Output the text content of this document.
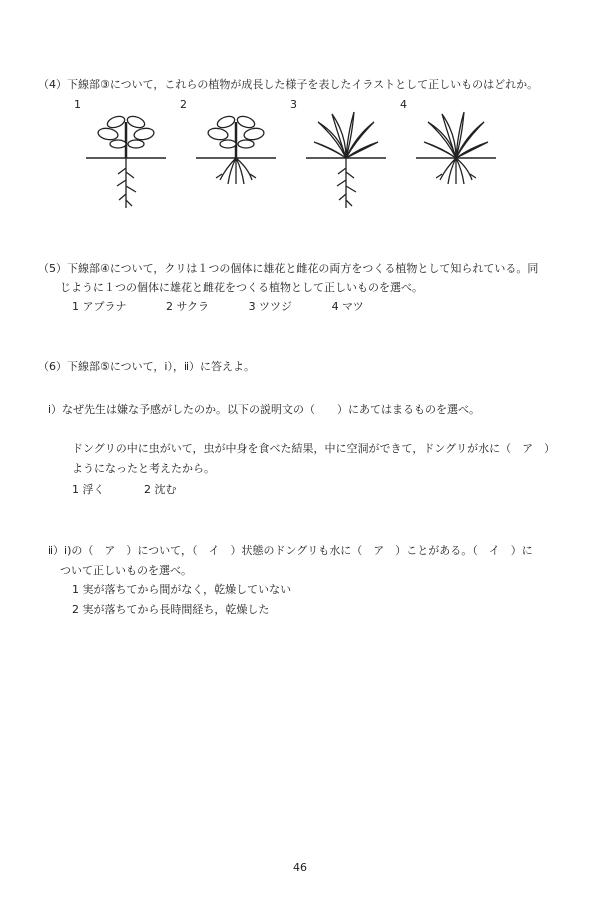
（4）下線部③について，これらの植物が成長した様子を表したイラストとして正しいものはどれか。
1	2	3	4
（5）下線部④について，クリは１つの個体に雄花と雌花の両方をつくる植物として知られている。同
じように１つの個体に雄花と雌花をつくる植物として正しいものを選べ。
1 アブラナ	2 サクラ	3 ツツジ	4 マツ
（6）下線部⑤について，ⅰ），ⅱ）に答えよ。
ⅰ）なぜ先生は嫌な予感がしたのか。以下の説明文の（　　）にあてはまるものを選べ。
ドングリの中に虫がいて，虫が中身を食べた結果，中に空洞ができて，ドングリが水に（　ア　）
ようになったと考えたから。
1 浮く	2 沈む
ⅱ）ⅰ)の（　ア　）について，（　イ　）状態のドングリも水に（　ア　）ことがある。（　イ　）に
ついて正しいものを選べ。
1 実が落ちてから間がなく，乾燥していない
2 実が落ちてから長時間経ち，乾燥した
46
